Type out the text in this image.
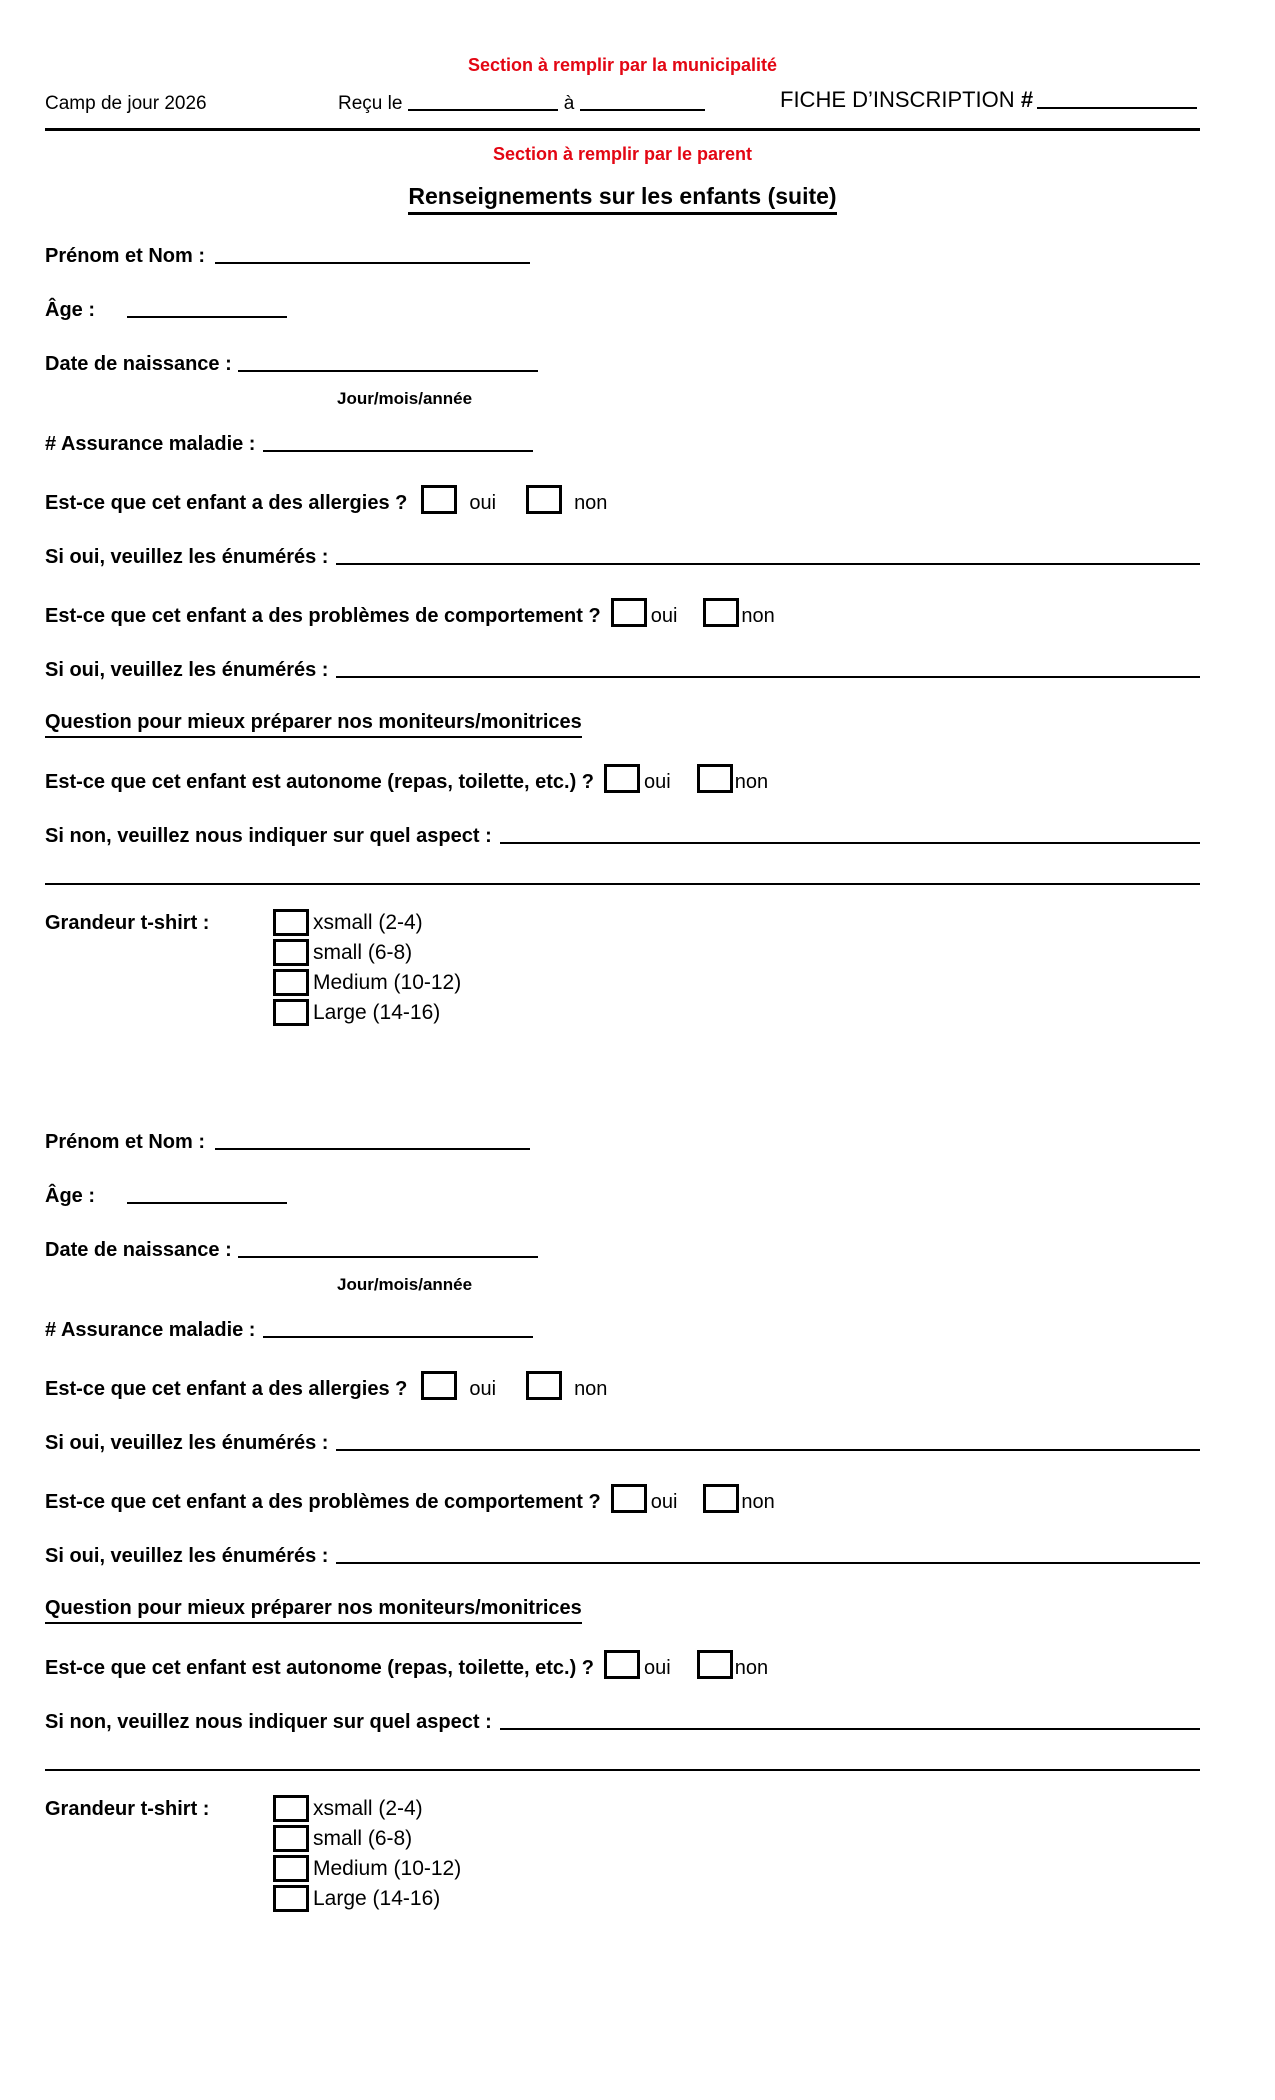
Section à remplir par la municipalité
Camp de jour 2026	Reçu le	à	FICHE D’INSCRIPTION #
Section à remplir par le parent
Renseignements sur les enfants (suite)
Prénom et Nom :
Âge :
Date de naissance :
Jour/mois/année
# Assurance maladie :
Est-ce que cet enfant a des allergies ?	oui	non
Si oui, veuillez les énumérés :
Est-ce que cet enfant a des problèmes de comportement ?	oui	non
Si oui, veuillez les énumérés :
Question pour mieux préparer nos moniteurs/monitrices
Est-ce que cet enfant est autonome (repas, toilette, etc.) ?	oui	non
Si non, veuillez nous indiquer sur quel aspect :
Grandeur t-shirt :	xsmall (2-4)
small (6-8)
Medium (10-12)
Large (14-16)
Prénom et Nom :
Âge :
Date de naissance :
Jour/mois/année
# Assurance maladie :
Est-ce que cet enfant a des allergies ?	oui	non
Si oui, veuillez les énumérés :
Est-ce que cet enfant a des problèmes de comportement ?	oui	non
Si oui, veuillez les énumérés :
Question pour mieux préparer nos moniteurs/monitrices
Est-ce que cet enfant est autonome (repas, toilette, etc.) ?	oui	non
Si non, veuillez nous indiquer sur quel aspect :
Grandeur t-shirt :	xsmall (2-4)
small (6-8)
Medium (10-12)
Large (14-16)
